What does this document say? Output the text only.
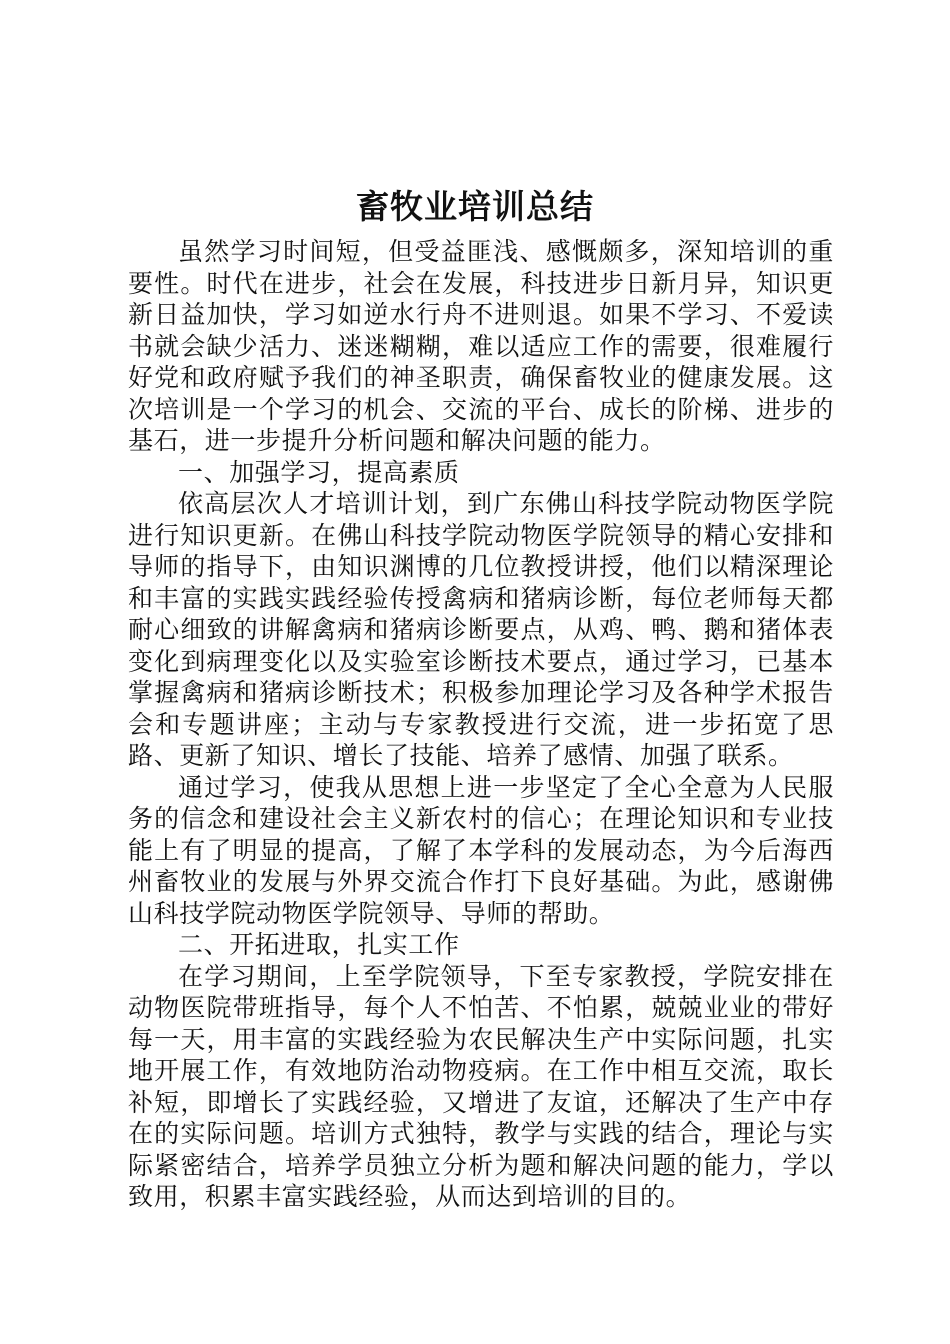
畜牧业培训总结

虽然学习时间短，但受益匪浅、感慨颇多，深知培训的重要性。时代在进步，社会在发展，科技进步日新月异，知识更新日益加快，学习如逆水行舟不进则退。如果不学习、不爱读书就会缺少活力、迷迷糊糊，难以适应工作的需要，很难履行好党和政府赋予我们的神圣职责，确保畜牧业的健康发展。这次培训是一个学习的机会、交流的平台、成长的阶梯、进步的基石，进一步提升分析问题和解决问题的能力。

一、加强学习，提高素质

依高层次人才培训计划，到广东佛山科技学院动物医学院进行知识更新。在佛山科技学院动物医学院领导的精心安排和导师的指导下，由知识渊博的几位教授讲授，他们以精深理论和丰富的实践实践经验传授禽病和猪病诊断，每位老师每天都耐心细致的讲解禽病和猪病诊断要点，从鸡、鸭、鹅和猪体表变化到病理变化以及实验室诊断技术要点，通过学习，已基本掌握禽病和猪病诊断技术；积极参加理论学习及各种学术报告会和专题讲座；主动与专家教授进行交流，进一步拓宽了思路、更新了知识、增长了技能、培养了感情、加强了联系。

通过学习，使我从思想上进一步坚定了全心全意为人民服务的信念和建设社会主义新农村的信心；在理论知识和专业技能上有了明显的提高，了解了本学科的发展动态，为今后海西州畜牧业的发展与外界交流合作打下良好基础。为此，感谢佛山科技学院动物医学院领导、导师的帮助。

二、开拓进取，扎实工作

在学习期间，上至学院领导，下至专家教授，学院安排在动物医院带班指导，每个人不怕苦、不怕累，兢兢业业的带好每一天，用丰富的实践经验为农民解决生产中实际问题，扎实地开展工作，有效地防治动物疫病。在工作中相互交流，取长补短，即增长了实践经验，又增进了友谊，还解决了生产中存在的实际问题。培训方式独特，教学与实践的结合，理论与实际紧密结合，培养学员独立分析为题和解决问题的能力，学以致用，积累丰富实践经验，从而达到培训的目的。
